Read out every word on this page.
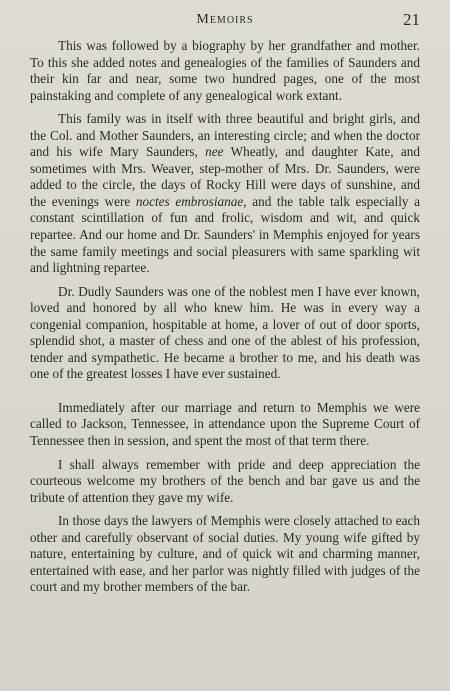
Memoirs	21

This was followed by a biography by her grandfather and mother. To this she added notes and genealogies of the families of Saunders and their kin far and near, some two hundred pages, one of the most painstaking and complete of any genealogical work extant.

This family was in itself with three beautiful and bright girls, and the Col. and Mother Saunders, an interesting circle; and when the doctor and his wife Mary Saunders, nee Wheatly, and daughter Kate, and sometimes with Mrs. Weaver, step-mother of Mrs. Dr. Saunders, were added to the circle, the days of Rocky Hill were days of sunshine, and the evenings were noctes embrosianae, and the table talk especially a constant scintillation of fun and frolic, wisdom and wit, and quick repartee. And our home and Dr. Saunders' in Memphis enjoyed for years the same family meetings and social pleasurers with same sparkling wit and lightning repartee.

Dr. Dudly Saunders was one of the noblest men I have ever known, loved and honored by all who knew him. He was in every way a congenial companion, hospitable at home, a lover of out of door sports, splendid shot, a master of chess and one of the ablest of his profession, tender and sympathetic. He became a brother to me, and his death was one of the greatest losses I have ever sustained.

Immediately after our marriage and return to Memphis we were called to Jackson, Tennessee, in attendance upon the Supreme Court of Tennessee then in session, and spent the most of that term there.

I shall always remember with pride and deep appreciation the courteous welcome my brothers of the bench and bar gave us and the tribute of attention they gave my wife.

In those days the lawyers of Memphis were closely attached to each other and carefully observant of social duties. My young wife gifted by nature, entertaining by culture, and of quick wit and charming manner, entertained with ease, and her parlor was nightly filled with judges of the court and my brother members of the bar.
